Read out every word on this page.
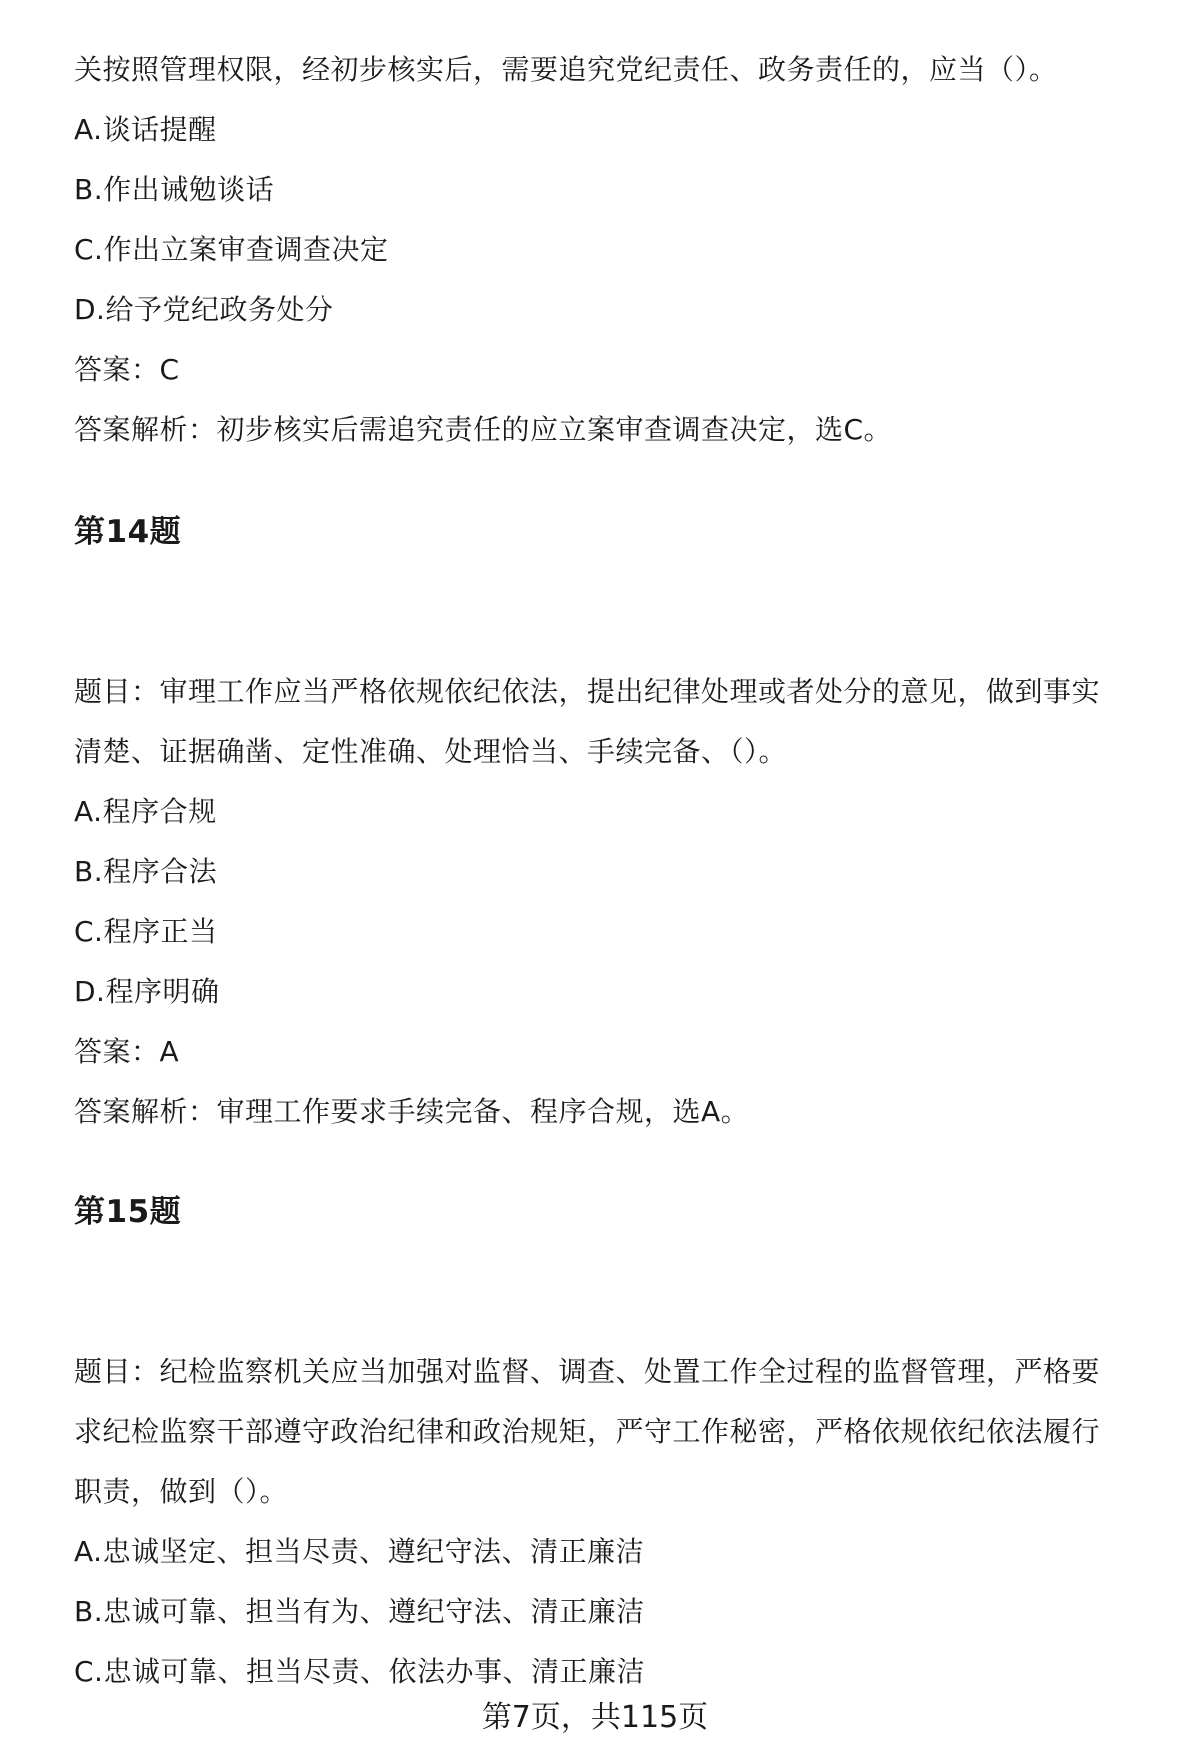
关按照管理权限，经初步核实后，需要追究党纪责任、政务责任的，应当（）。
A.谈话提醒
B.作出诫勉谈话
C.作出立案审查调查决定
D.给予党纪政务处分
答案：C
答案解析：初步核实后需追究责任的应立案审查调查决定，选C。
第14题
题目：审理工作应当严格依规依纪依法，提出纪律处理或者处分的意见，做到事实
清楚、证据确凿、定性准确、处理恰当、手续完备、（）。
A.程序合规
B.程序合法
C.程序正当
D.程序明确
答案：A
答案解析：审理工作要求手续完备、程序合规，选A。
第15题
题目：纪检监察机关应当加强对监督、调查、处置工作全过程的监督管理，严格要
求纪检监察干部遵守政治纪律和政治规矩，严守工作秘密，严格依规依纪依法履行
职责，做到（）。
A.忠诚坚定、担当尽责、遵纪守法、清正廉洁
B.忠诚可靠、担当有为、遵纪守法、清正廉洁
C.忠诚可靠、担当尽责、依法办事、清正廉洁
第7页，共115页
